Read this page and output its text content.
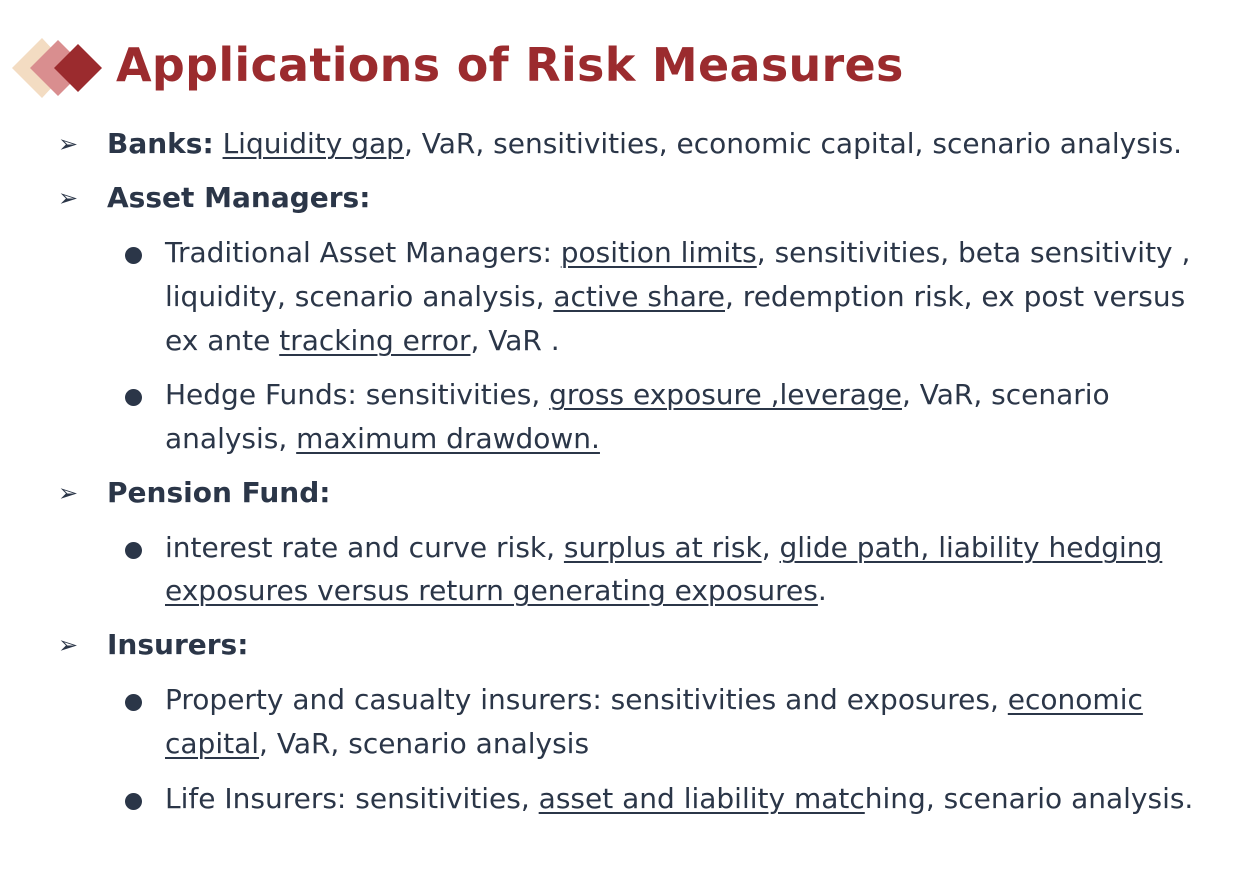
Applications of Risk Measures
➢ Banks: Liquidity gap, VaR, sensitivities, economic capital, scenario analysis.
➢ Asset Managers:
Traditional Asset Managers: position limits, sensitivities, beta sensitivity ,
liquidity, scenario analysis, active share, redemption risk, ex post versus
ex ante tracking error, VaR .
Hedge Funds: sensitivities, gross exposure ,leverage, VaR, scenario
analysis, maximum drawdown.
➢ Pension Fund:
interest rate and curve risk, surplus at risk, glide path, liability hedging
exposures versus return generating exposures.
➢ Insurers:
Property and casualty insurers: sensitivities and exposures, economic
capital, VaR, scenario analysis
Life Insurers: sensitivities, asset and liability matching, scenario analysis.
